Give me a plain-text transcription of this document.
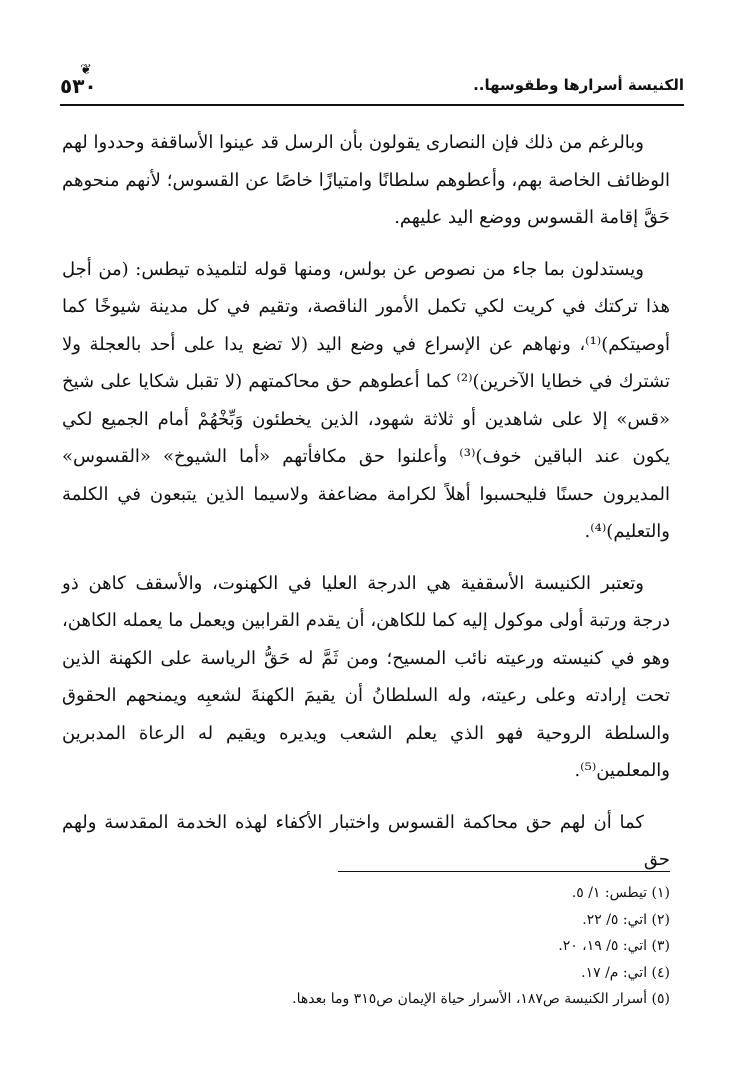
الكنيسة أسرارها وطقوسها..
٥٣٠
❦

وبالرغم من ذلك فإن النصارى يقولون بأن الرسل قد عينوا الأساقفة وحددوا لهم الوظائف الخاصة بهم، وأعطوهم سلطانًا وامتيازًا خاصًا عن القسوس؛ لأنهم منحوهم حَقَّ إقامة القسوس ووضع اليد عليهم.

ويستدلون بما جاء من نصوص عن بولس، ومنها قوله لتلميذه تيطس: (من أجل هذا تركتك في كريت لكي تكمل الأمور الناقصة، وتقيم في كل مدينة شيوخًا كما أوصيتكم)⁽¹⁾، ونهاهم عن الإسراع في وضع اليد (لا تضع يدا على أحد بالعجلة ولا تشترك في خطايا الآخرين)⁽²⁾ كما أعطوهم حق محاكمتهم (لا تقبل شكايا على شيخ «قس» إلا على شاهدين أو ثلاثة شهود، الذين يخطئون وَبِّخْهُمْ أمام الجميع لكي يكون عند الباقين خوف)⁽³⁾ وأعلنوا حق مكافأتهم «أما الشيوخ» «القسوس» المديرون حسنًا فليحسبوا أهلاً لكرامة مضاعفة ولاسيما الذين يتبعون في الكلمة والتعليم)⁽⁴⁾.

وتعتبر الكنيسة الأسقفية هي الدرجة العليا في الكهنوت، والأسقف كاهن ذو درجة ورتبة أولى موكول إليه كما للكاهن، أن يقدم القرابين ويعمل ما يعمله الكاهن، وهو في كنيسته ورعيته نائب المسيح؛ ومن ثَمَّ له حَقُّ الرياسة على الكهنة الذين تحت إرادته وعلى رعيته، وله السلطانُ أن يقيمَ الكهنةَ لشعبِه ويمنحهم الحقوق والسلطة الروحية فهو الذي يعلم الشعب ويديره ويقيم له الرعاة المدبرين والمعلمين⁽⁵⁾.

كما أن لهم حق محاكمة القسوس واختبار الأكفاء لهذه الخدمة المقدسة ولهم حق

(١) تيطس: ١/ ٥.
(٢) اتي: ٥/ ٢٢.
(٣) اتي: ٥/ ١٩، ٢٠.
(٤) اتي: م/ ١٧.
(٥) أسرار الكنيسة ص١٨٧، الأسرار حياة الإيمان ص٣١٥ وما بعدها.
